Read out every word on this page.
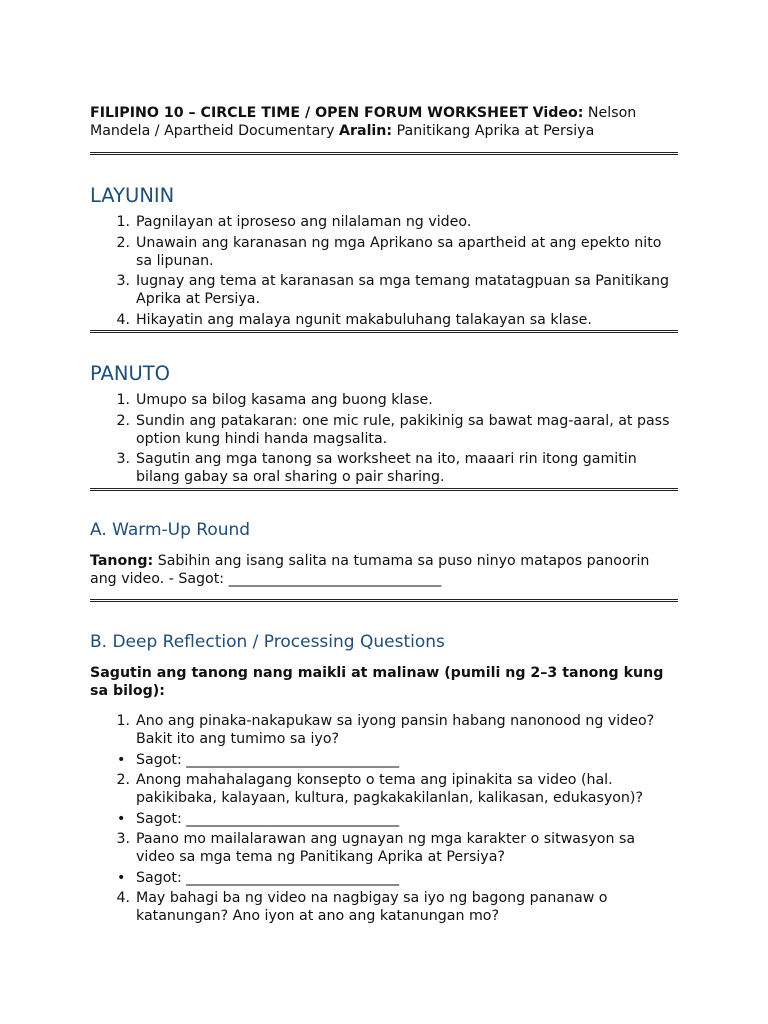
FILIPINO 10 – CIRCLE TIME / OPEN FORUM WORKSHEET Video: Nelson Mandela / Apartheid Documentary Aralin: Panitikang Aprika at Persiya
LAYUNIN
1. Pagnilayan at iproseso ang nilalaman ng video.
2. Unawain ang karanasan ng mga Aprikano sa apartheid at ang epekto nito sa lipunan.
3. Iugnay ang tema at karanasan sa mga temang matatagpuan sa Panitikang Aprika at Persiya.
4. Hikayatin ang malaya ngunit makabuluhang talakayan sa klase.
PANUTO
1. Umupo sa bilog kasama ang buong klase.
2. Sundin ang patakaran: one mic rule, pakikinig sa bawat mag-aaral, at pass option kung hindi handa magsalita.
3. Sagutin ang mga tanong sa worksheet na ito, maaari rin itong gamitin bilang gabay sa oral sharing o pair sharing.
A. Warm-Up Round

Tanong: Sabihin ang isang salita na tumama sa puso ninyo matapos panoorin ang video. - Sagot: ______________________________

B. Deep Reflection / Processing Questions

Sagutin ang tanong nang maikli at malinaw (pumili ng 2–3 tanong kung sa bilog):

1. Ano ang pinaka-nakapukaw sa iyong pansin habang nanonood ng video? Bakit ito ang tumimo sa iyo?
• Sagot: ______________________________
2. Anong mahahalagang konsepto o tema ang ipinakita sa video (hal. pakikibaka, kalayaan, kultura, pagkakakilanlan, kalikasan, edukasyon)?
• Sagot: ______________________________
3. Paano mo mailalarawan ang ugnayan ng mga karakter o sitwasyon sa video sa mga tema ng Panitikang Aprika at Persiya?
• Sagot: ______________________________
4. May bahagi ba ng video na nagbigay sa iyo ng bagong pananaw o katanungan? Ano iyon at ano ang katanungan mo?
